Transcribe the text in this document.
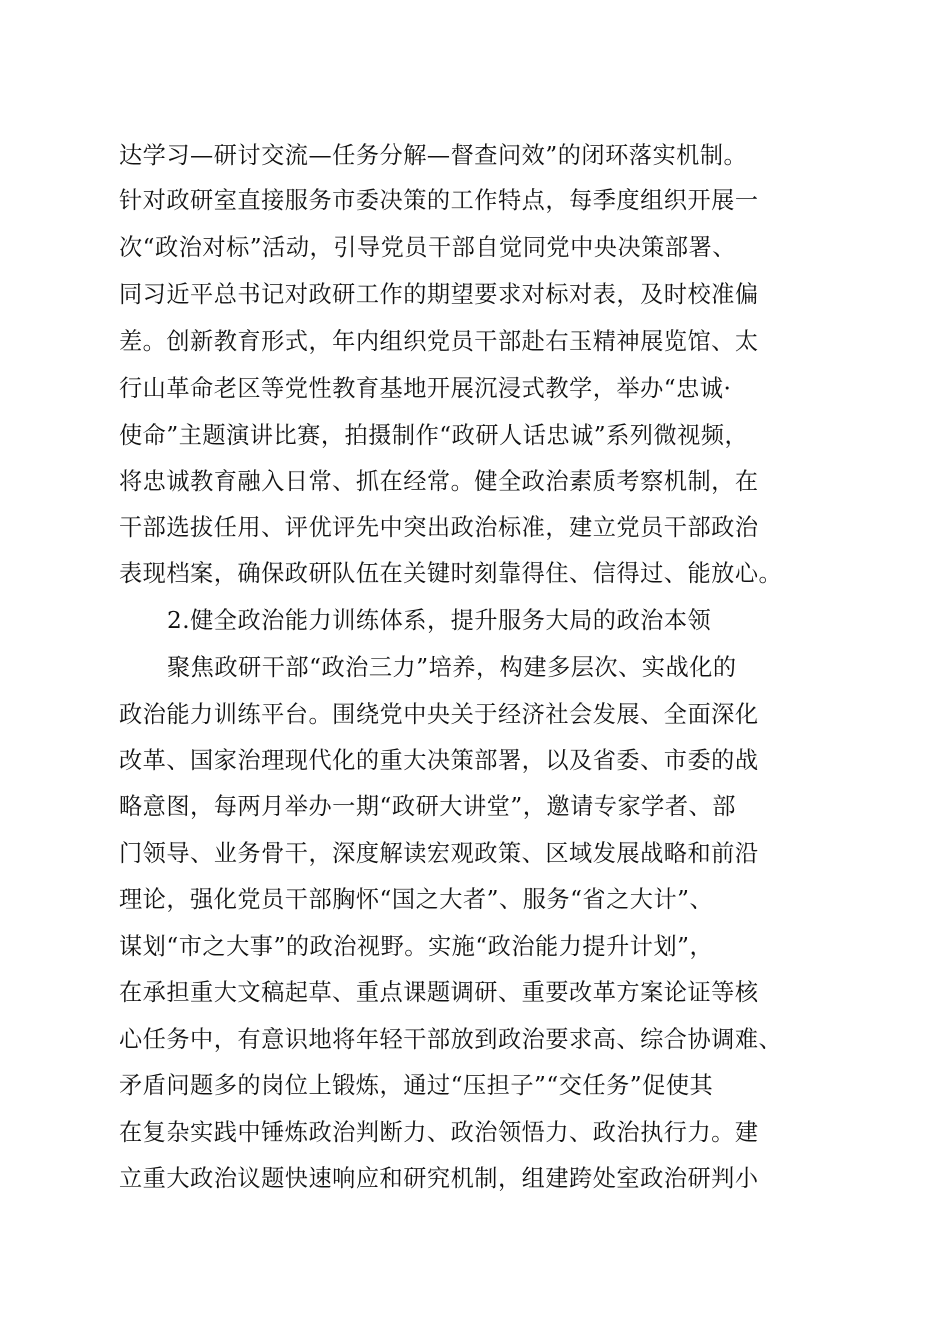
达学习—研讨交流—任务分解—督查问效”的闭环落实机制。
针对政研室直接服务市委决策的工作特点，每季度组织开展一
次“政治对标”活动，引导党员干部自觉同党中央决策部署、
同习近平总书记对政研工作的期望要求对标对表，及时校准偏
差。创新教育形式，年内组织党员干部赴右玉精神展览馆、太
行山革命老区等党性教育基地开展沉浸式教学，举办“忠诚·
使命”主题演讲比赛，拍摄制作“政研人话忠诚”系列微视频，
将忠诚教育融入日常、抓在经常。健全政治素质考察机制，在
干部选拔任用、评优评先中突出政治标准，建立党员干部政治
表现档案，确保政研队伍在关键时刻靠得住、信得过、能放心。
2.健全政治能力训练体系，提升服务大局的政治本领
聚焦政研干部“政治三力”培养，构建多层次、实战化的
政治能力训练平台。围绕党中央关于经济社会发展、全面深化
改革、国家治理现代化的重大决策部署，以及省委、市委的战
略意图，每两月举办一期“政研大讲堂”，邀请专家学者、部
门领导、业务骨干，深度解读宏观政策、区域发展战略和前沿
理论，强化党员干部胸怀“国之大者”、服务“省之大计”、
谋划“市之大事”的政治视野。实施“政治能力提升计划”，
在承担重大文稿起草、重点课题调研、重要改革方案论证等核
心任务中，有意识地将年轻干部放到政治要求高、综合协调难、
矛盾问题多的岗位上锻炼，通过“压担子”“交任务”促使其
在复杂实践中锤炼政治判断力、政治领悟力、政治执行力。建
立重大政治议题快速响应和研究机制，组建跨处室政治研判小
